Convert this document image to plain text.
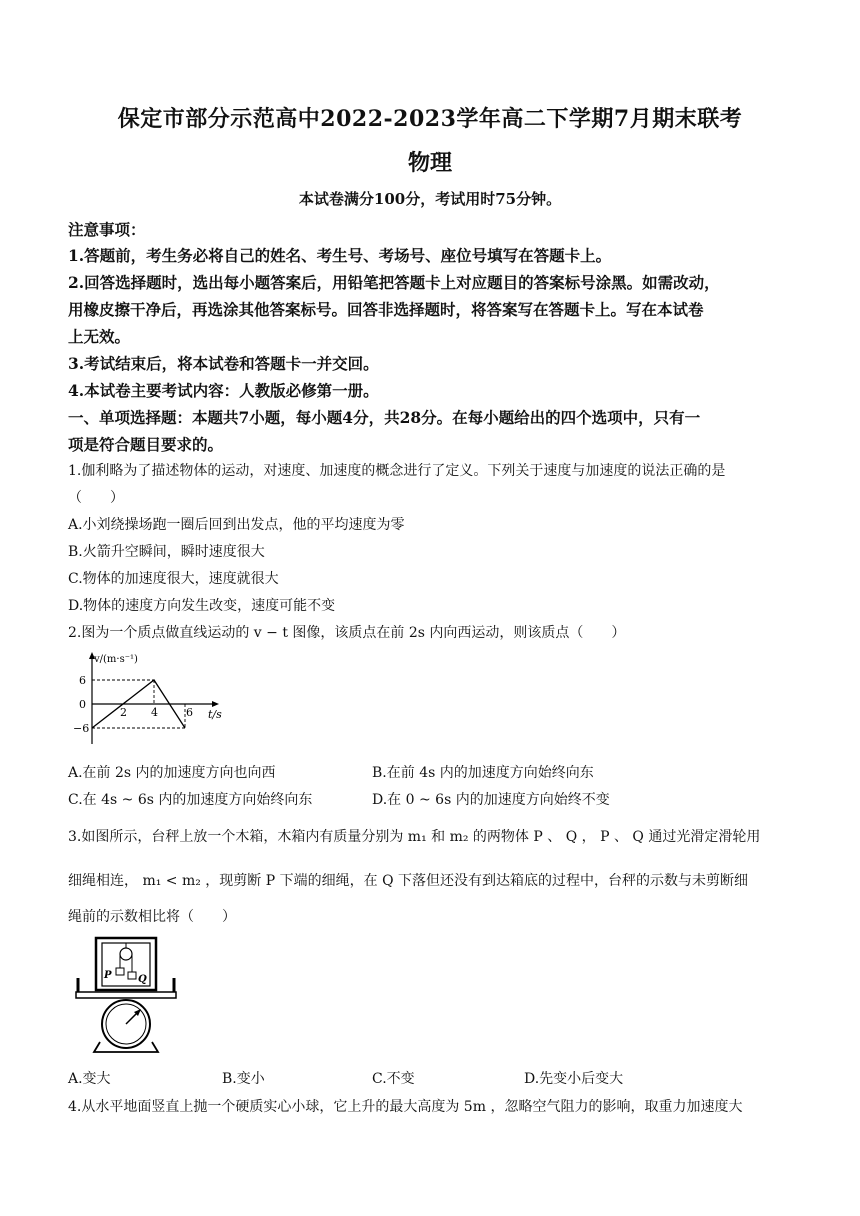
保定市部分示范高中2022-2023学年高二下学期7月期末联考
物理
本试卷满分100分，考试用时75分钟。
注意事项：
1.答题前，考生务必将自己的姓名、考生号、考场号、座位号填写在答题卡上。
2.回答选择题时，选出每小题答案后，用铅笔把答题卡上对应题目的答案标号涂黑。如需改动，
用橡皮擦干净后，再选涂其他答案标号。回答非选择题时，将答案写在答题卡上。写在本试卷
上无效。
3.考试结束后，将本试卷和答题卡一并交回。
4.本试卷主要考试内容：人教版必修第一册。
一、单项选择题：本题共7小题，每小题4分，共28分。在每小题给出的四个选项中，只有一
项是符合题目要求的。
1.伽利略为了描述物体的运动，对速度、加速度的概念进行了定义。下列关于速度与加速度的说法正确的是
（　　）
A.小刘绕操场跑一圈后回到出发点，他的平均速度为零
B.火箭升空瞬间，瞬时速度很大
C.物体的加速度很大，速度就很大
D.物体的速度方向发生改变，速度可能不变
2.图为一个质点做直线运动的 v − t 图像，该质点在前 2s 内向西运动，则该质点（　　）
v/(m·s⁻¹)
6
0
−6
2 4	6 t/s
A.在前 2s 内的加速度方向也向西	B.在前 4s 内的加速度方向始终向东
C.在 4s ~ 6s 内的加速度方向始终向东	D.在 0 ~ 6s 内的加速度方向始终不变
3.如图所示，台秤上放一个木箱，木箱内有质量分别为 m₁ 和 m₂ 的两物体 P 、 Q ， P 、 Q 通过光滑定滑轮用
细绳相连， m₁ < m₂ ，现剪断 P 下端的细绳，在 Q 下落但还没有到达箱底的过程中，台秤的示数与未剪断细
绳前的示数相比将（　　）
P	Q
A.变大	B.变小	C.不变	D.先变小后变大
4.从水平地面竖直上抛一个硬质实心小球，它上升的最大高度为 5m ，忽略空气阻力的影响，取重力加速度大
